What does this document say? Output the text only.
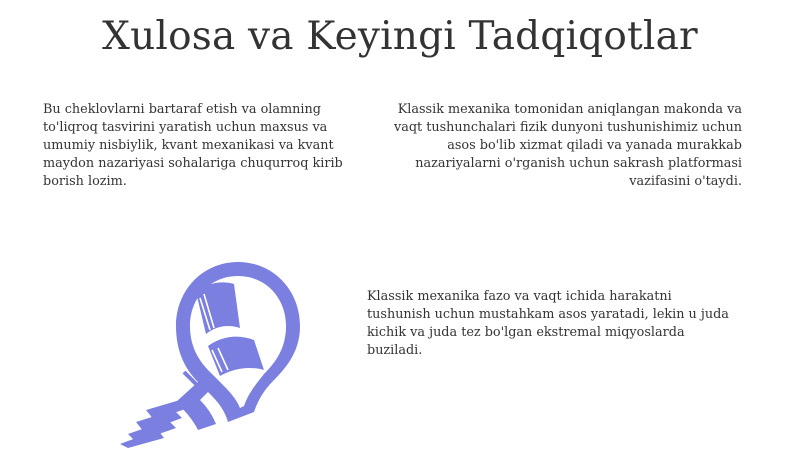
Xulosa va Keyingi Tadqiqotlar
Bu cheklovlarni bartaraf etish va olamning to'liqroq tasvirini yaratish uchun maxsus va umumiy nisbiylik, kvant mexanikasi va kvant maydon nazariyasi sohalariga chuqurroq kirib borish lozim.
Klassik mexanika tomonidan aniqlangan makonda va vaqt tushunchalari fizik dunyoni tushunishimiz uchun asos bo'lib xizmat qiladi va yanada murakkab nazariyalarni o'rganish uchun sakrash platformasi vazifasini o'taydi.
Klassik mexanika fazo va vaqt ichida harakatni tushunish uchun mustahkam asos yaratadi, lekin u juda kichik va juda tez bo'lgan ekstremal miqyoslarda buziladi.
